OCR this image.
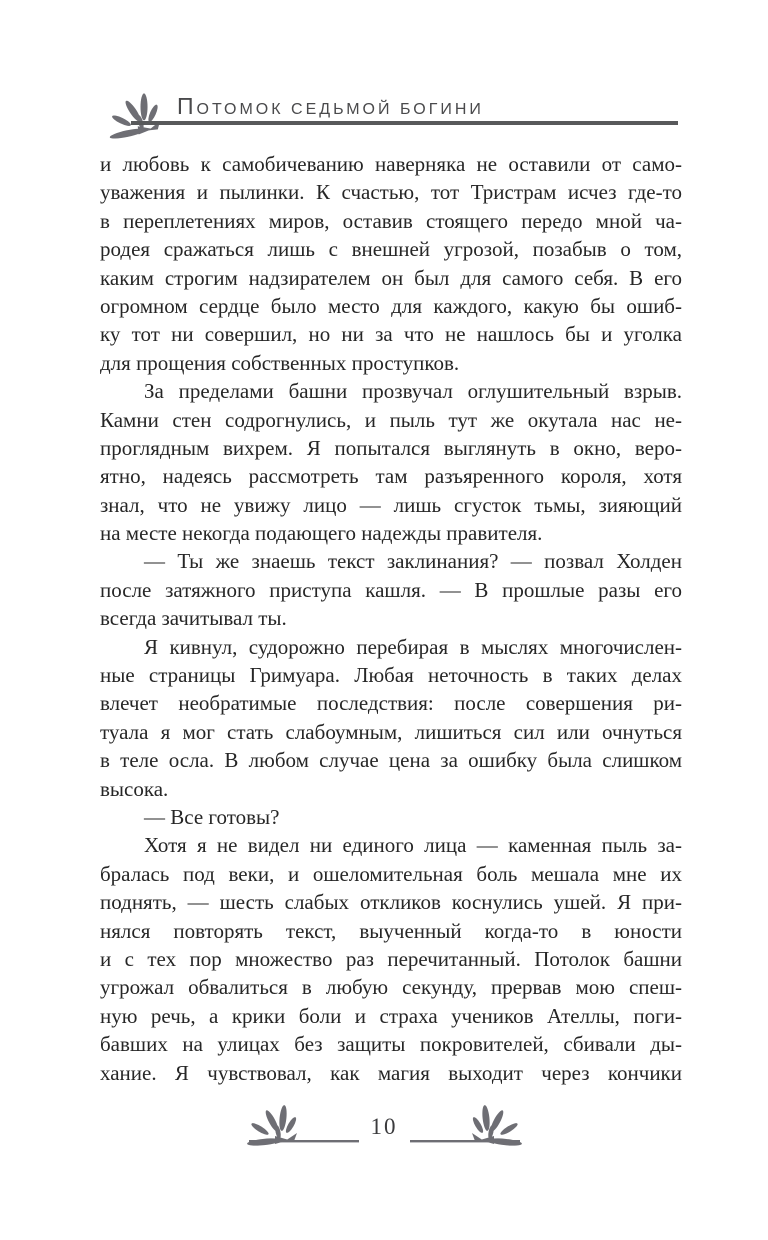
ПОТОМОК СЕДЬМОЙ БОГИНИ
и любовь к самобичеванию наверняка не оставили от само-
уважения и пылинки. К счастью, тот Тристрам исчез где-то
в переплетениях миров, оставив стоящего передо мной ча-
родея сражаться лишь с внешней угрозой, позабыв о том,
каким строгим надзирателем он был для самого себя. В его
огромном сердце было место для каждого, какую бы ошиб-
ку тот ни совершил, но ни за что не нашлось бы и уголка
для прощения собственных проступков.
За пределами башни прозвучал оглушительный взрыв.
Камни стен содрогнулись, и пыль тут же окутала нас не-
проглядным вихрем. Я попытался выглянуть в окно, веро-
ятно, надеясь рассмотреть там разъяренного короля, хотя
знал, что не увижу лицо — лишь сгусток тьмы, зияющий
на месте некогда подающего надежды правителя.
— Ты же знаешь текст заклинания? — позвал Холден
после затяжного приступа кашля. — В прошлые разы его
всегда зачитывал ты.
Я кивнул, судорожно перебирая в мыслях многочислен-
ные страницы Гримуара. Любая неточность в таких делах
влечет необратимые последствия: после совершения ри-
туала я мог стать слабоумным, лишиться сил или очнуться
в теле осла. В любом случае цена за ошибку была слишком
высока.
— Все готовы?
Хотя я не видел ни единого лица — каменная пыль за-
бралась под веки, и ошеломительная боль мешала мне их
поднять, — шесть слабых откликов коснулись ушей. Я при-
нялся повторять текст, выученный когда-то в юности
и с тех пор множество раз перечитанный. Потолок башни
угрожал обвалиться в любую секунду, прервав мою спеш-
ную речь, а крики боли и страха учеников Ателлы, поги-
бавших на улицах без защиты покровителей, сбивали ды-
хание. Я чувствовал, как магия выходит через кончики
10
